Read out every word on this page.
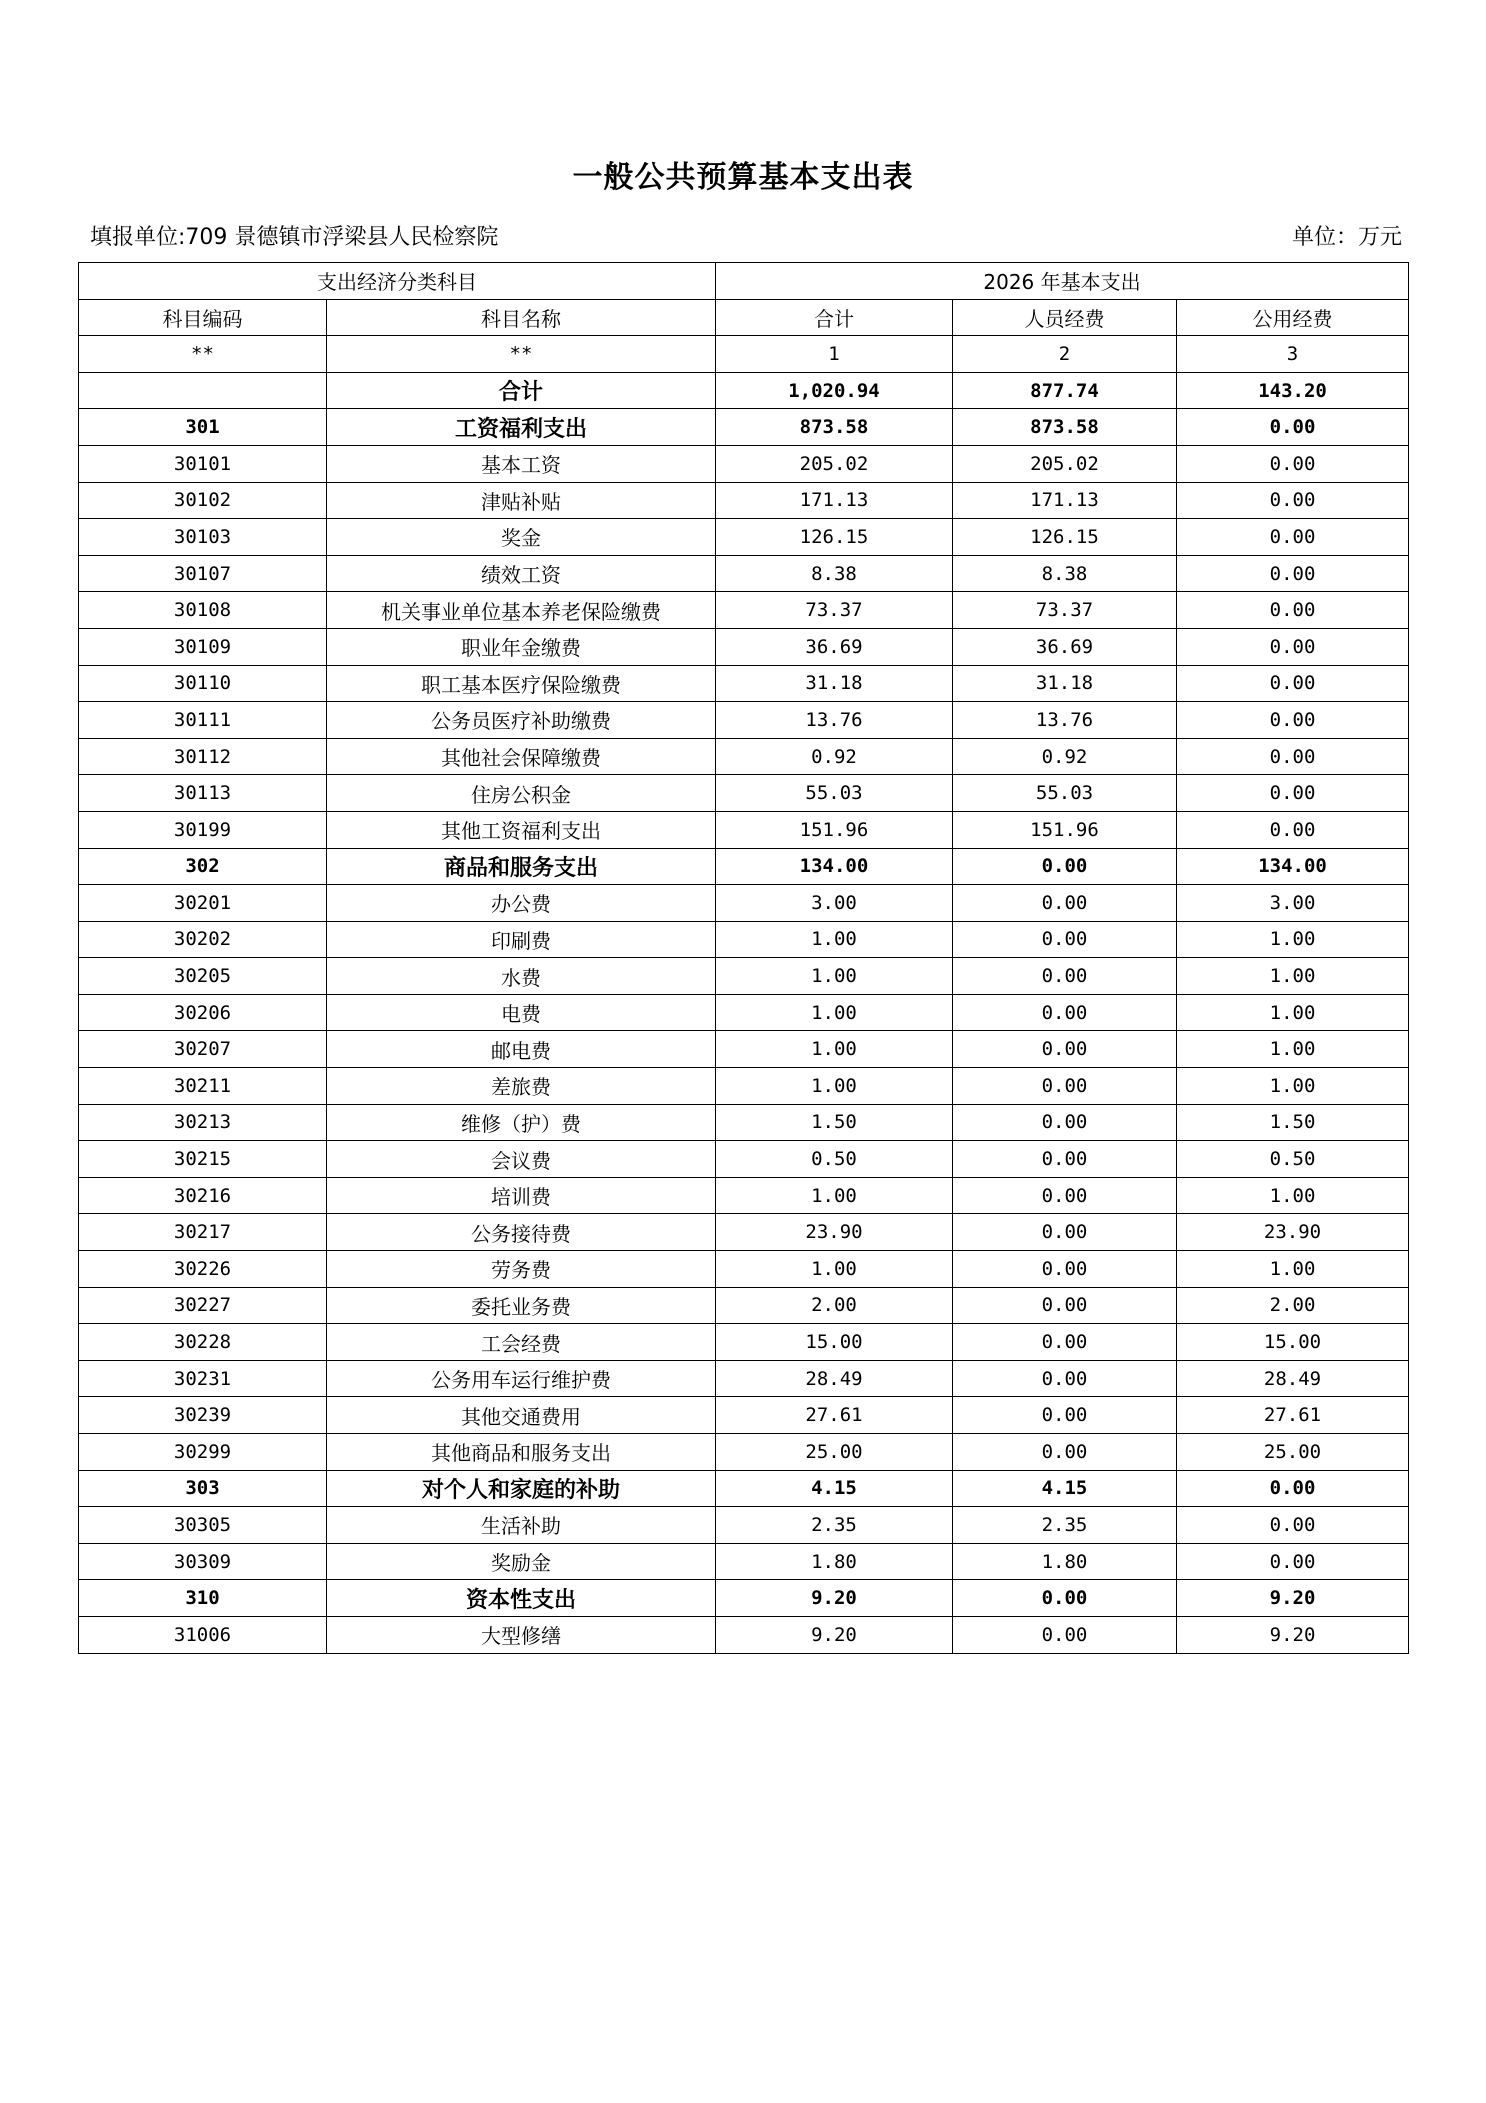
一般公共预算基本支出表
填报单位:709 景德镇市浮梁县人民检察院	单位：万元
支出经济分类科目		2026 年基本支出		
科目编码	科目名称	合计	人员经费	公用经费
**	**	1	2	3
	合计	1,020.94	877.74	143.20
301	工资福利支出	873.58	873.58	0.00
30101	基本工资	205.02	205.02	0.00
30102	津贴补贴	171.13	171.13	0.00
30103	奖金	126.15	126.15	0.00
30107	绩效工资	8.38	8.38	0.00
30108	机关事业单位基本养老保险缴费	73.37	73.37	0.00
30109	职业年金缴费	36.69	36.69	0.00
30110	职工基本医疗保险缴费	31.18	31.18	0.00
30111	公务员医疗补助缴费	13.76	13.76	0.00
30112	其他社会保障缴费	0.92	0.92	0.00
30113	住房公积金	55.03	55.03	0.00
30199	其他工资福利支出	151.96	151.96	0.00
302	商品和服务支出	134.00	0.00	134.00
30201	办公费	3.00	0.00	3.00
30202	印刷费	1.00	0.00	1.00
30205	水费	1.00	0.00	1.00
30206	电费	1.00	0.00	1.00
30207	邮电费	1.00	0.00	1.00
30211	差旅费	1.00	0.00	1.00
30213	维修（护）费	1.50	0.00	1.50
30215	会议费	0.50	0.00	0.50
30216	培训费	1.00	0.00	1.00
30217	公务接待费	23.90	0.00	23.90
30226	劳务费	1.00	0.00	1.00
30227	委托业务费	2.00	0.00	2.00
30228	工会经费	15.00	0.00	15.00
30231	公务用车运行维护费	28.49	0.00	28.49
30239	其他交通费用	27.61	0.00	27.61
30299	其他商品和服务支出	25.00	0.00	25.00
303	对个人和家庭的补助	4.15	4.15	0.00
30305	生活补助	2.35	2.35	0.00
30309	奖励金	1.80	1.80	0.00
310	资本性支出	9.20	0.00	9.20
31006	大型修缮	9.20	0.00	9.20
